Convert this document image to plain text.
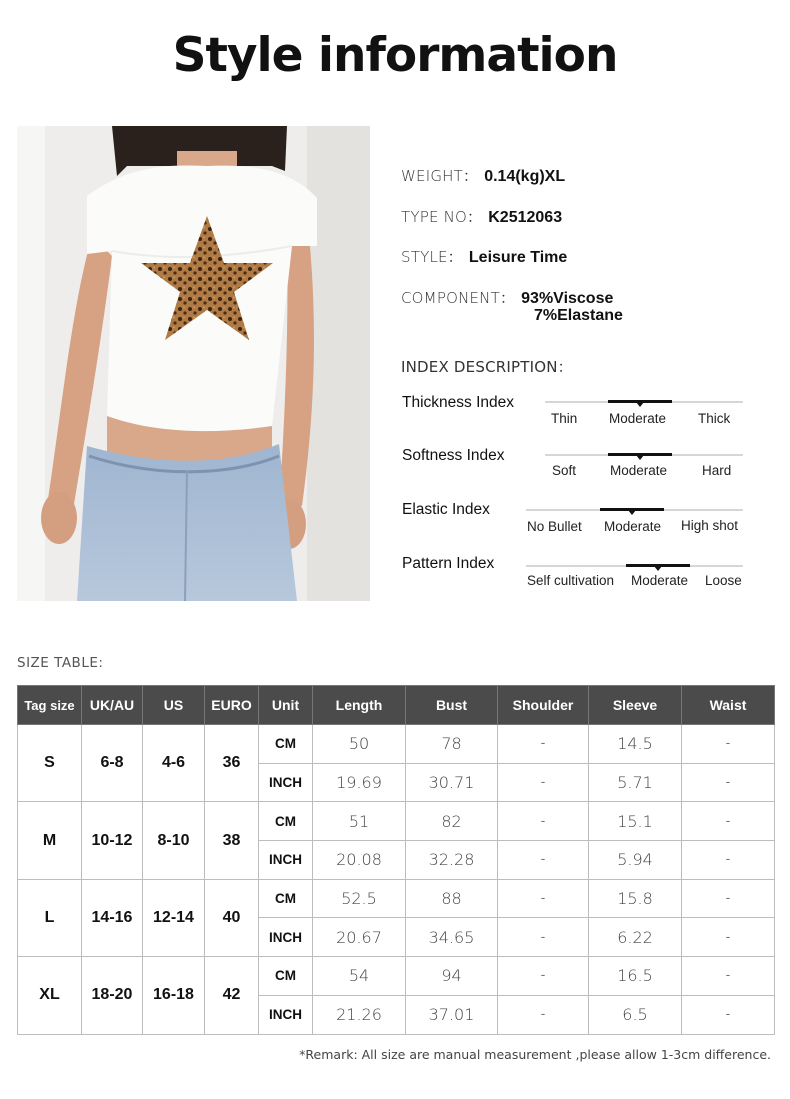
Style information
WEIGHT： 0.14(kg)XL
TYPE NO： K2512063
STYLE： Leisure Time
COMPONENT： 93%Viscose
7%Elastane
INDEX DESCRIPTION：
Thickness Index
Thin Moderate Thick
Softness Index
Soft	Moderate	Hard
Elastic Index
No Bullet Moderate High shot
Pattern Index
Self cultivation Moderate Loose
SIZE TABLE:
Tag size	UK/AU	US	EURO	Unit	Length	Bust	Shoulder	Sleeve	Waist
S	6-8	4-6	36	CM	50	78	-	14.5	-
				INCH	19.69	30.71	-	5.71	-
M	10-12	8-10	38	CM	51	82	-	15.1	-
				INCH	20.08	32.28	-	5.94	-
L	14-16	12-14	40	CM	52.5	88	-	15.8	-
				INCH	20.67	34.65	-	6.22	-
XL	18-20	16-18	42	CM	54	94	-	16.5	-
				INCH	21.26	37.01	-	6.5	-
*Remark: All size are manual measurement ,please allow 1-3cm difference.
